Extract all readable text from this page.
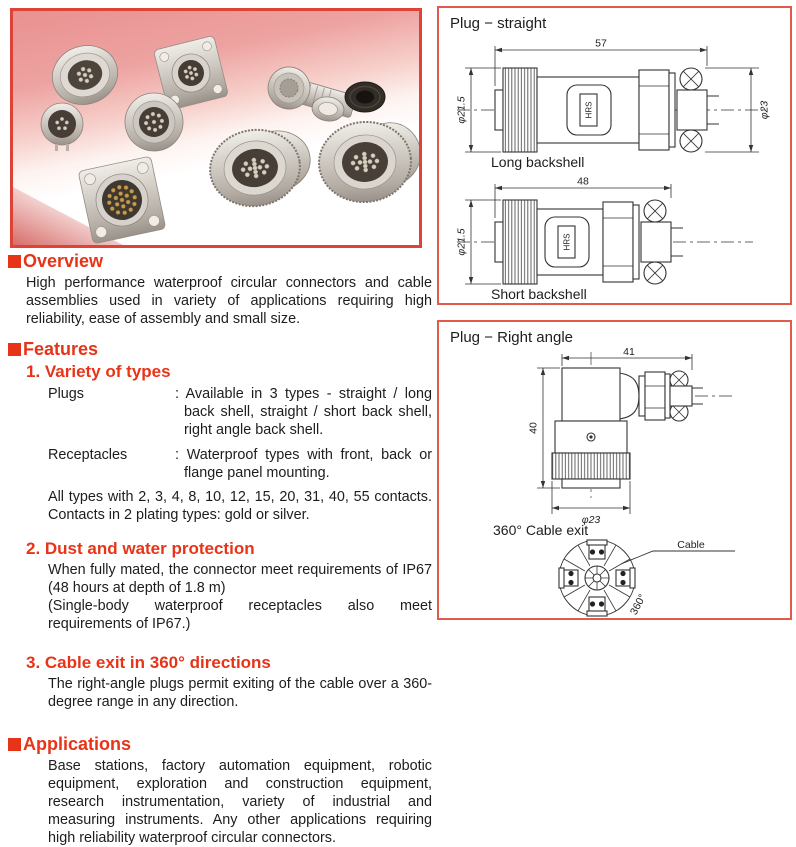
Overview

High performance waterproof circular connectors and cable assemblies used in variety of applications requiring high reliability, ease of assembly and small size.

Features
1. Variety of types
Plugs	: Available in 3 types - straight / long back shell, straight / short back shell, right angle back shell.
Receptacles	: Waterproof types with front, back or flange panel mounting.

All types with 2, 3, 4, 8, 10, 12, 15, 20, 31, 40, 55 contacts. Contacts in 2 plating types: gold or silver.

2. Dust and water protection

When fully mated, the connector meet requirements of IP67 (48 hours at depth of 1.8 m)

(Single-body waterproof receptacles also meet requirements of IP67.)

3. Cable exit in 360° directions

The right-angle plugs permit exiting of the cable over a 360-degree range in any direction.

Applications

Base stations, factory automation equipment, robotic equipment, exploration and construction equipment, research instrumentation, variety of industrial and measuring instruments. Any other applications requiring high reliability waterproof circular connectors.

Plug − straight
HRS
57
φ21.5	φ23
Long backshell
HRS
48
φ21.5
Short backshell
Plug − Right angle
41
40
φ23
360° Cable exit
Cable
360°
